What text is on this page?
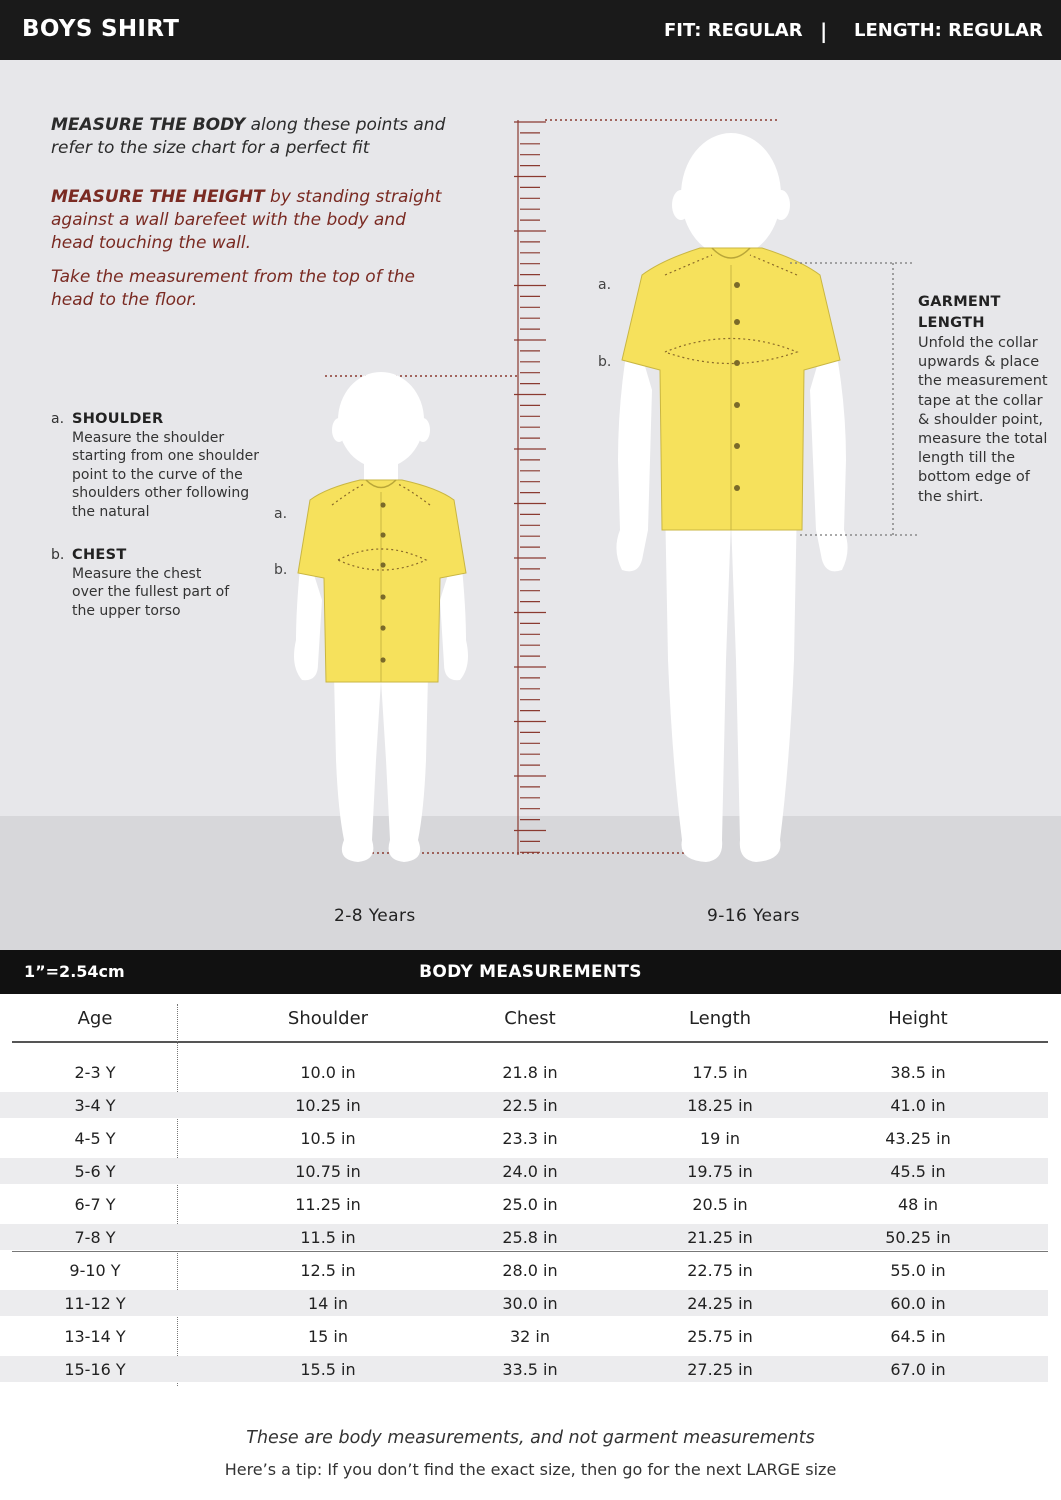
BOYS SHIRT	FIT: REGULAR | LENGTH: REGULAR
MEASURE THE BODY along these points and refer to the size chart for a perfect fit
MEASURE THE HEIGHT by standing straight against a wall barefeet with the body and head touching the wall.
Take the measurement from the top of the head to the floor.
a. SHOULDER
Measure the shoulder starting from one shoulder point to the curve of the shoulders other following the natural
b. CHEST
Measure the chest over the fullest part of the upper torso
GARMENT
LENGTH
Unfold the collar upwards & place the measurement tape at the collar & shoulder point, measure the total length till the bottom edge of the shirt.
a.
b.
a.
b.
2-8 Years	9-16 Years
1”=2.54cm	BODY MEASUREMENTS
Age	Shoulder	Chest	Length	Height
2-3 Y	10.0 in	21.8 in	17.5 in	38.5 in
3-4 Y	10.25 in	22.5 in	18.25 in	41.0 in
4-5 Y	10.5 in	23.3 in	19 in	43.25 in
5-6 Y	10.75 in	24.0 in	19.75 in	45.5 in
6-7 Y	11.25 in	25.0 in	20.5 in	48 in
7-8 Y	11.5 in	25.8 in	21.25 in	50.25 in
9-10 Y	12.5 in	28.0 in	22.75 in	55.0 in
11-12 Y	14 in	30.0 in	24.25 in	60.0 in
13-14 Y	15 in	32 in	25.75 in	64.5 in
15-16 Y	15.5 in	33.5 in	27.25 in	67.0 in
These are body measurements, and not garment measurements
Here’s a tip: If you don’t find the exact size, then go for the next LARGE size
